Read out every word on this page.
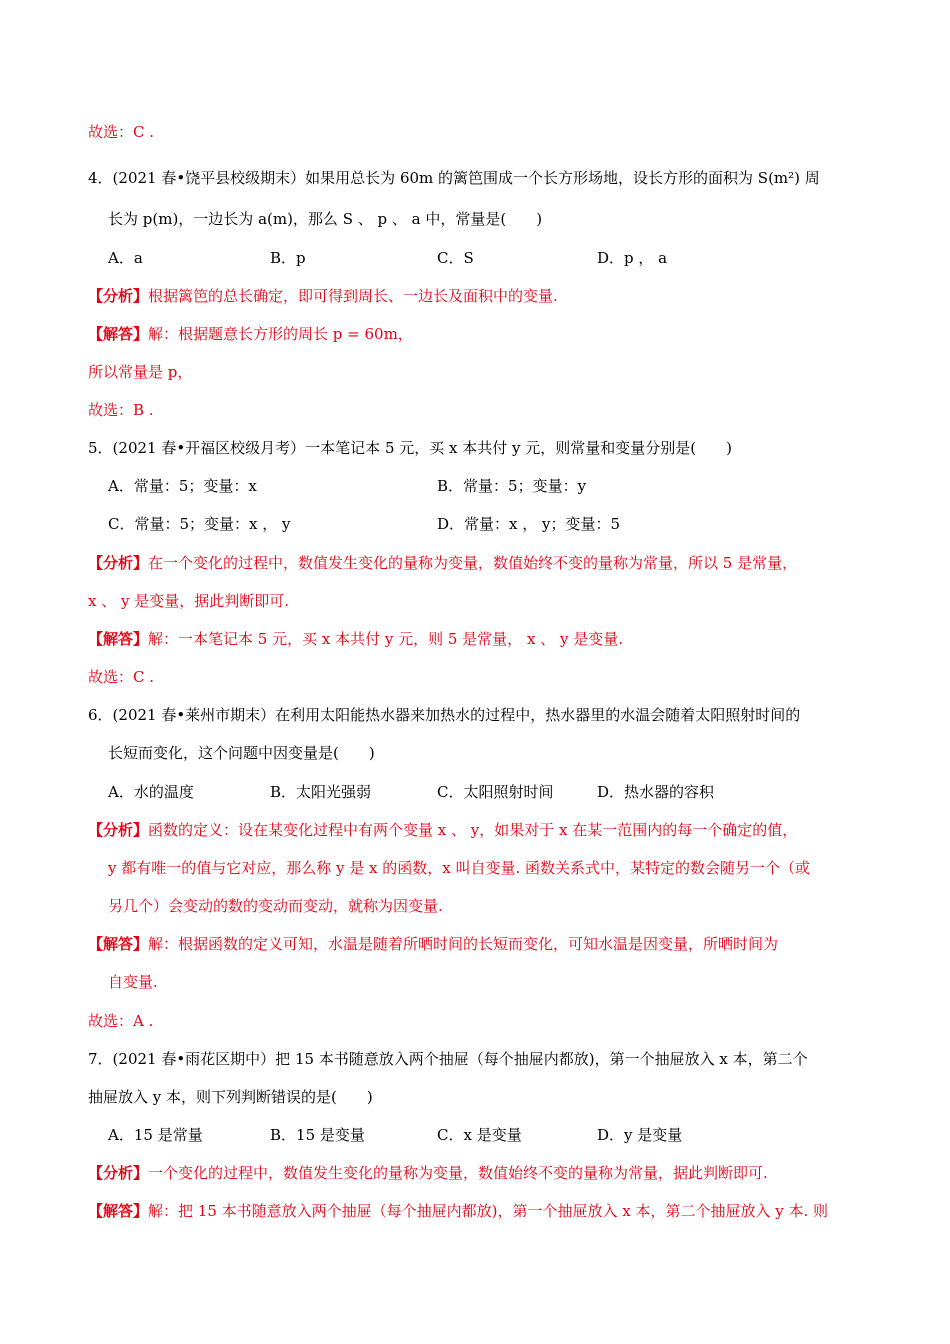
故选：C .
4．(2021 春•饶平县校级期末）如果用总长为 60m 的篱笆围成一个长方形场地，设长方形的面积为 S(m²) 周
长为 p(m)，一边长为 a(m)，那么 S 、 p 、 a 中，常量是(　　)
A．a	B．p	C．S	D．p ， a
【分析】根据篱笆的总长确定，即可得到周长、一边长及面积中的变量.
【解答】解：根据题意长方形的周长 p = 60m，
所以常量是 p，
故选：B .
5．(2021 春•开福区校级月考）一本笔记本 5 元，买 x 本共付 y 元，则常量和变量分别是(　　)
A．常量：5；变量：x	B．常量：5；变量：y
C．常量：5；变量：x ， y	D．常量：x ， y；变量：5
【分析】在一个变化的过程中，数值发生变化的量称为变量，数值始终不变的量称为常量，所以 5 是常量，
x 、 y 是变量，据此判断即可.
【解答】解：一本笔记本 5 元，买 x 本共付 y 元，则 5 是常量， x 、 y 是变量.
故选：C .
6．(2021 春•莱州市期末）在利用太阳能热水器来加热水的过程中，热水器里的水温会随着太阳照射时间的
长短而变化，这个问题中因变量是(　　)
A．水的温度	B．太阳光强弱	C．太阳照射时间	D．热水器的容积
【分析】函数的定义：设在某变化过程中有两个变量 x 、 y，如果对于 x 在某一范围内的每一个确定的值，
y 都有唯一的值与它对应，那么称 y 是 x 的函数，x 叫自变量. 函数关系式中，某特定的数会随另一个（或
另几个）会变动的数的变动而变动，就称为因变量.
【解答】解：根据函数的定义可知，水温是随着所晒时间的长短而变化，可知水温是因变量，所晒时间为
自变量.
故选：A .
7．(2021 春•雨花区期中）把 15 本书随意放入两个抽屉（每个抽屉内都放)，第一个抽屉放入 x 本，第二个
抽屉放入 y 本，则下列判断错误的是(　　)
A．15 是常量	B．15 是变量	C．x 是变量	D．y 是变量
【分析】一个变化的过程中，数值发生变化的量称为变量，数值始终不变的量称为常量，据此判断即可.
【解答】解：把 15 本书随意放入两个抽屉（每个抽屉内都放)，第一个抽屉放入 x 本，第二个抽屉放入 y 本. 则
